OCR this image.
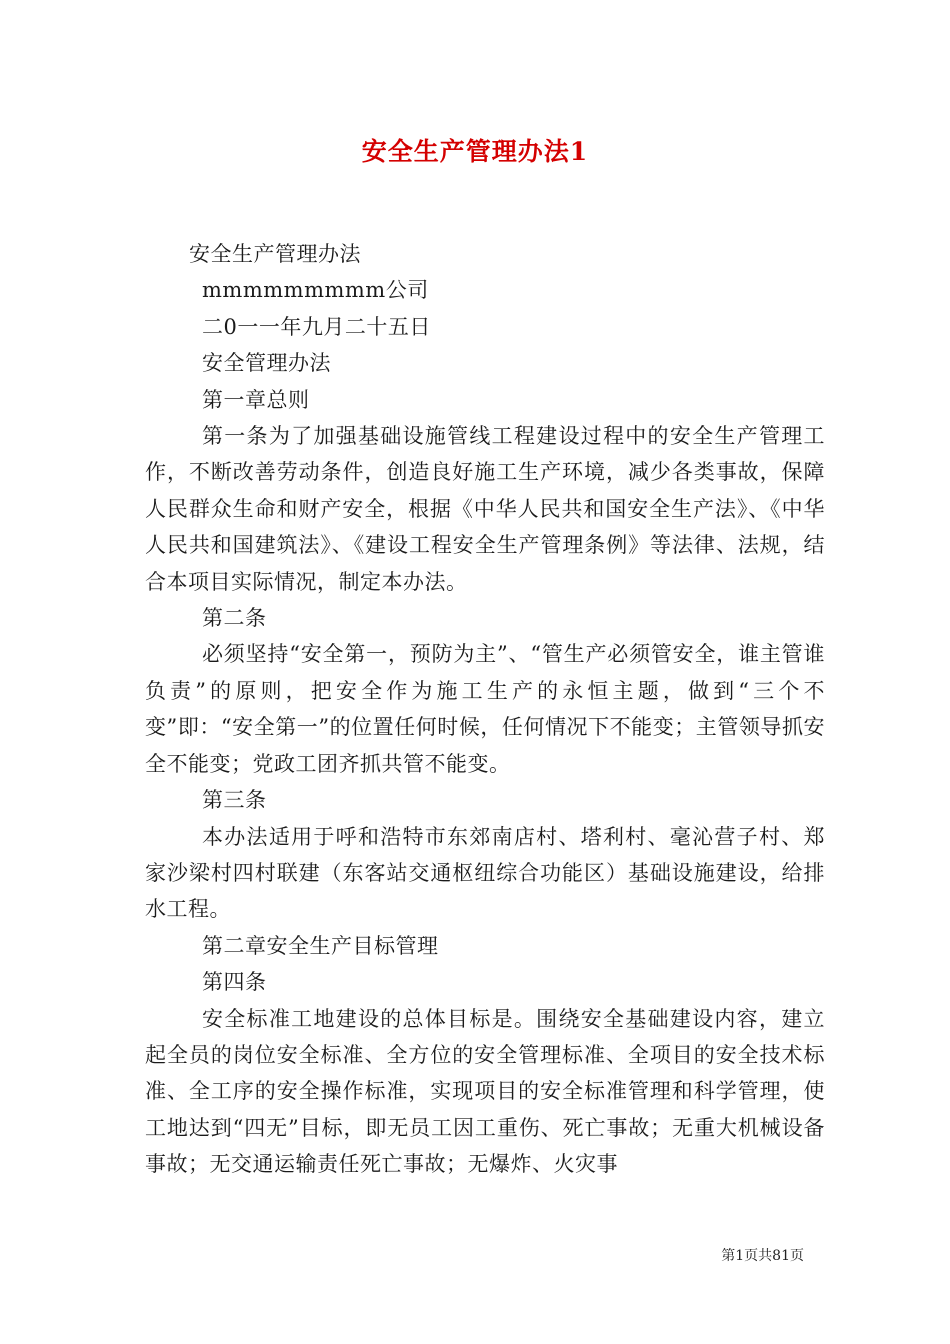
安全生产管理办法1

安全生产管理办法

mmmmmmmmm公司

二0一一年九月二十五日

安全管理办法

第一章总则

第一条为了加强基础设施管线工程建设过程中的安全生产管理工作，不断改善劳动条件，创造良好施工生产环境，减少各类事故，保障人民群众生命和财产安全，根据《中华人民共和国安全生产法》、《中华人民共和国建筑法》、《建设工程安全生产管理条例》等法律、法规，结合本项目实际情况，制定本办法。

第二条

必须坚持“安全第一，预防为主”、“管生产必须管安全，谁主管谁负责”的原则，把安全作为施工生产的永恒主题，做到“三个不变”即：“安全第一”的位置任何时候，任何情况下不能变；主管领导抓安全不能变；党政工团齐抓共管不能变。

第三条

本办法适用于呼和浩特市东郊南店村、塔利村、毫沁营子村、郑家沙梁村四村联建（东客站交通枢纽综合功能区）基础设施建设，给排水工程。

第二章安全生产目标管理

第四条

安全标准工地建设的总体目标是。围绕安全基础建设内容，建立起全员的岗位安全标准、全方位的安全管理标准、全项目的安全技术标准、全工序的安全操作标准，实现项目的安全标准管理和科学管理，使工地达到“四无”目标，即无员工因工重伤、死亡事故；无重大机械设备事故；无交通运输责任死亡事故；无爆炸、火灾事

第1页共81页
